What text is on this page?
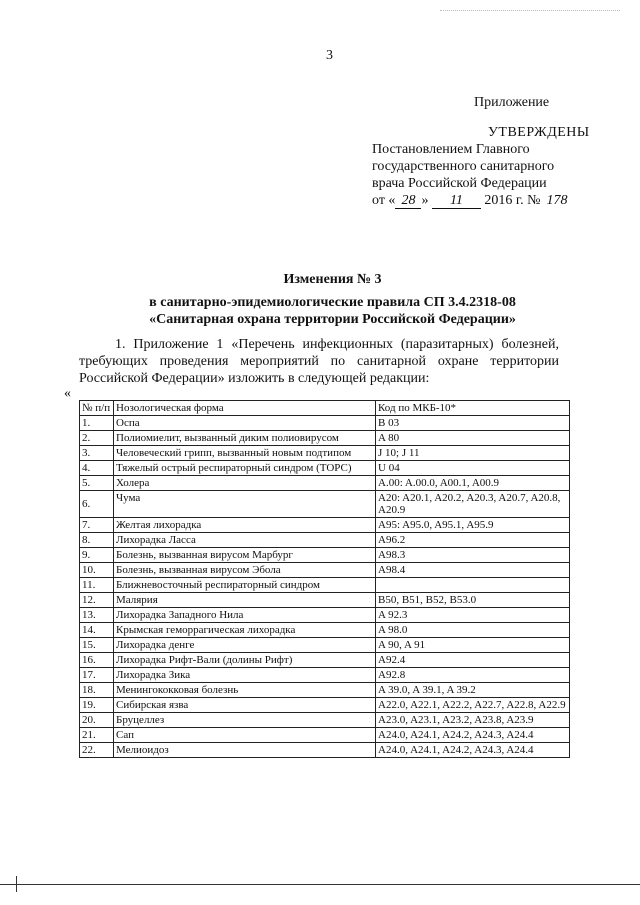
3
Приложение
УТВЕРЖДЕНЫ
Постановлением Главного
государственного санитарного
врача Российской Федерации
от « 28 » 11 2016 г. № 178
Изменения № 3
в санитарно-эпидемиологические правила СП 3.4.2318-08
«Санитарная охрана территории Российской Федерации»
1. Приложение 1 «Перечень инфекционных (паразитарных) болезней, требующих проведения мероприятий по санитарной охране территории Российской Федерации» изложить в следующей редакции:
«
№ п/п	Нозологическая форма	Код по МКБ-10*
1.	Оспа	B 03
2.	Полиомиелит, вызванный диким полиовирусом	A 80
3.	Человеческий грипп, вызванный новым подтипом	J 10; J 11
4.	Тяжелый острый респираторный синдром (ТОРС)	U 04
5.	Холера	A.00: A.00.0, A00.1, A00.9
6.	Чума	A20: A20.1, A20.2, A20.3, A20.7, A20.8, A20.9
7.	Желтая лихорадка	A95: A95.0, A95.1, A95.9
8.	Лихорадка Ласса	A96.2
9.	Болезнь, вызванная вирусом Марбург	A98.3
10.	Болезнь, вызванная вирусом Эбола	A98.4
11.	Ближневосточный респираторный синдром	
12.	Малярия	B50, B51, B52, B53.0
13.	Лихорадка Западного Нила	A 92.3
14.	Крымская геморрагическая лихорадка	A 98.0
15.	Лихорадка денге	A 90, A 91
16.	Лихорадка Рифт-Вали (долины Рифт)	A92.4
17.	Лихорадка Зика	A92.8
18.	Менингококковая болезнь	A 39.0, A 39.1, A 39.2
19.	Сибирская язва	A22.0, A22.1, A22.2, A22.7, A22.8, A22.9
20.	Бруцеллез	A23.0, A23.1, A23.2, A23.8, A23.9
21.	Сап	A24.0, A24.1, A24.2, A24.3, A24.4
22.	Мелиоидоз	A24.0, A24.1, A24.2, A24.3, A24.4
